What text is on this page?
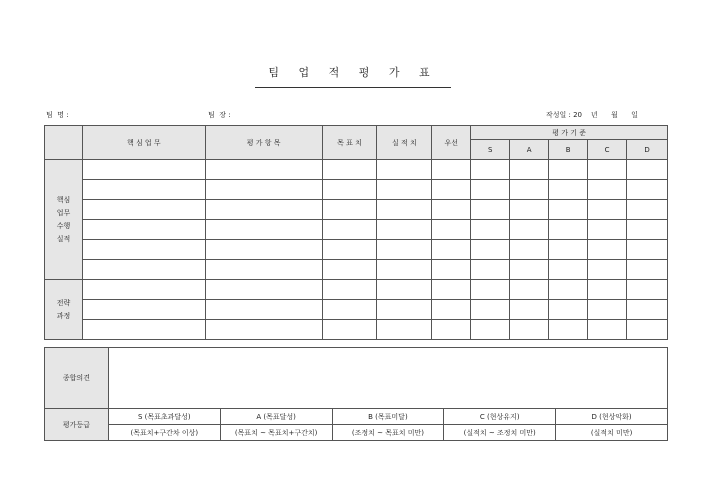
팀 업 적 평 가 표
팀  명 :	팀  장 :	작성일 : 20    년      월      일
	핵 심 업 무	평 가 항 목	목 표 치	실 적 치	우선	평 가 기 준				
						S	A	B	C	D

핵심
업무
수행
실적										

전략
과정										

종합의견					
평가등급	S (목표초과달성)	A (목표달성)	B (목표미달)	C (현상유지)	D (현상악화)
	(목표치+구간차 이상)	(목표치 ~ 목표치+구간치)	(조정치 ~ 목표치 미만)	(실적치 ~ 조정치 미만)	(실적치 미만)
